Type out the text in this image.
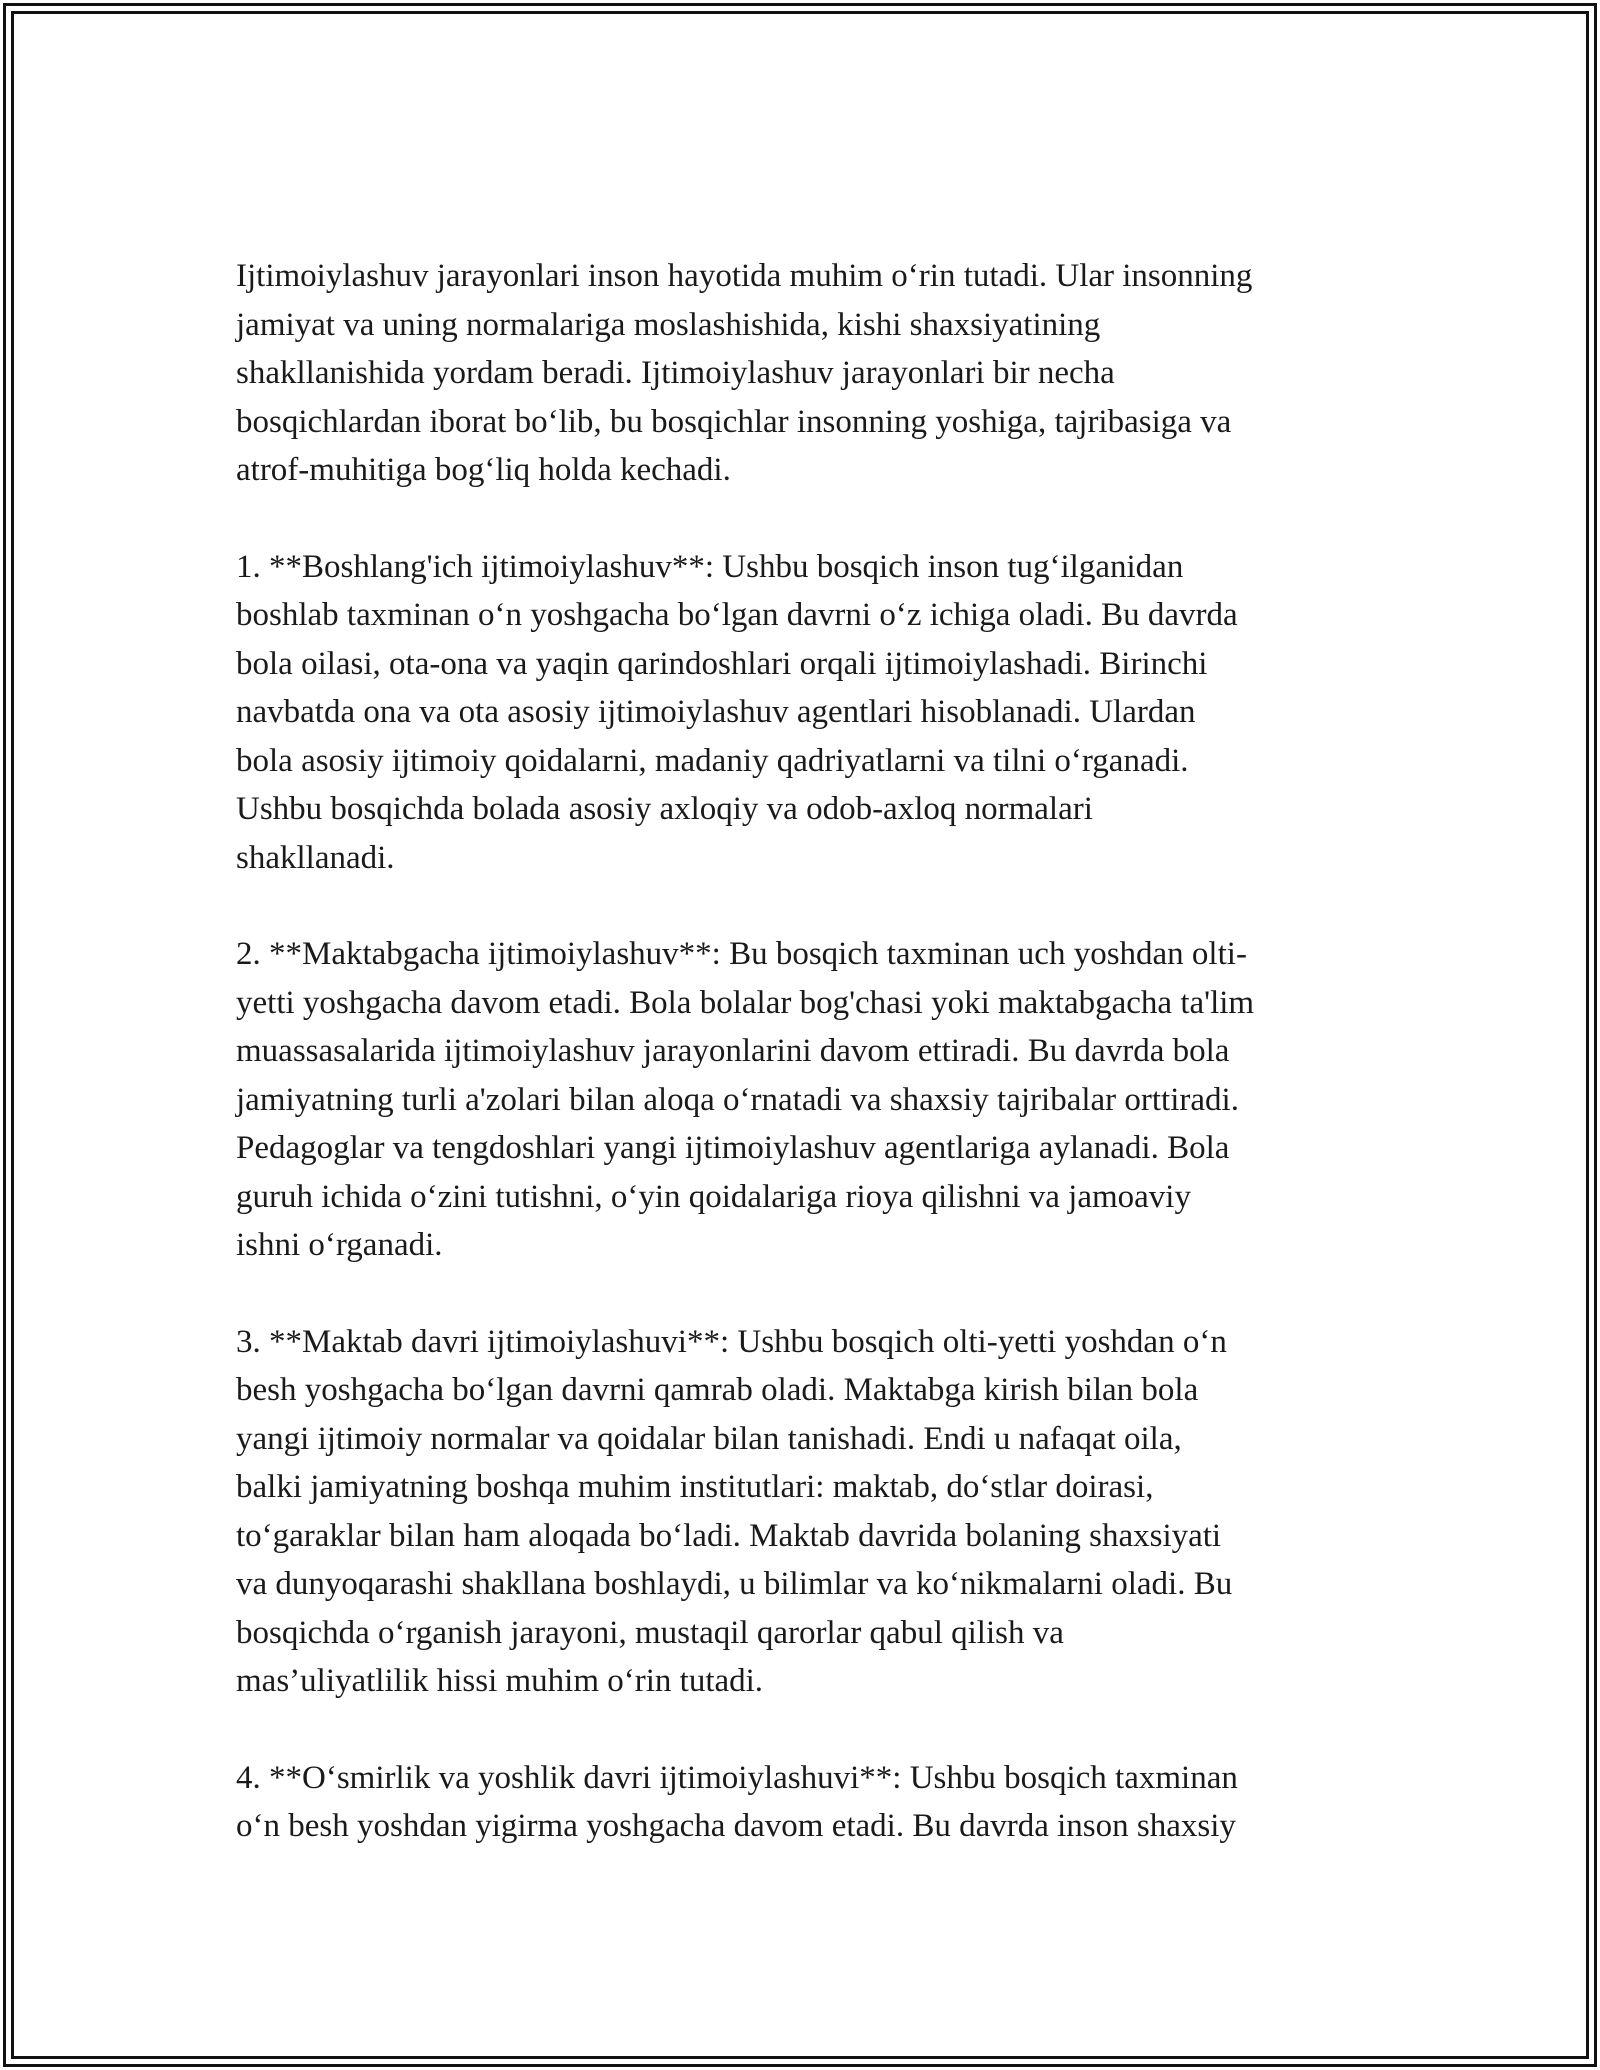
Ijtimoiylashuv jarayonlari inson hayotida muhim o‘rin tutadi. Ular insonning
jamiyat va uning normalariga moslashishida, kishi shaxsiyatining
shakllanishida yordam beradi. Ijtimoiylashuv jarayonlari bir necha
bosqichlardan iborat bo‘lib, bu bosqichlar insonning yoshiga, tajribasiga va
atrof-muhitiga bog‘liq holda kechadi.

1. **Boshlang'ich ijtimoiylashuv**: Ushbu bosqich inson tug‘ilganidan
boshlab taxminan o‘n yoshgacha bo‘lgan davrni o‘z ichiga oladi. Bu davrda
bola oilasi, ota-ona va yaqin qarindoshlari orqali ijtimoiylashadi. Birinchi
navbatda ona va ota asosiy ijtimoiylashuv agentlari hisoblanadi. Ulardan
bola asosiy ijtimoiy qoidalarni, madaniy qadriyatlarni va tilni o‘rganadi.
Ushbu bosqichda bolada asosiy axloqiy va odob-axloq normalari
shakllanadi.

2. **Maktabgacha ijtimoiylashuv**: Bu bosqich taxminan uch yoshdan olti-
yetti yoshgacha davom etadi. Bola bolalar bog'chasi yoki maktabgacha ta'lim
muassasalarida ijtimoiylashuv jarayonlarini davom ettiradi. Bu davrda bola
jamiyatning turli a'zolari bilan aloqa o‘rnatadi va shaxsiy tajribalar orttiradi.
Pedagoglar va tengdoshlari yangi ijtimoiylashuv agentlariga aylanadi. Bola
guruh ichida o‘zini tutishni, o‘yin qoidalariga rioya qilishni va jamoaviy
ishni o‘rganadi.

3. **Maktab davri ijtimoiylashuvi**: Ushbu bosqich olti-yetti yoshdan o‘n
besh yoshgacha bo‘lgan davrni qamrab oladi. Maktabga kirish bilan bola
yangi ijtimoiy normalar va qoidalar bilan tanishadi. Endi u nafaqat oila,
balki jamiyatning boshqa muhim institutlari: maktab, do‘stlar doirasi,
to‘garaklar bilan ham aloqada bo‘ladi. Maktab davrida bolaning shaxsiyati
va dunyoqarashi shakllana boshlaydi, u bilimlar va ko‘nikmalarni oladi. Bu
bosqichda o‘rganish jarayoni, mustaqil qarorlar qabul qilish va
mas’uliyatlilik hissi muhim o‘rin tutadi.

4. **O‘smirlik va yoshlik davri ijtimoiylashuvi**: Ushbu bosqich taxminan
o‘n besh yoshdan yigirma yoshgacha davom etadi. Bu davrda inson shaxsiy
